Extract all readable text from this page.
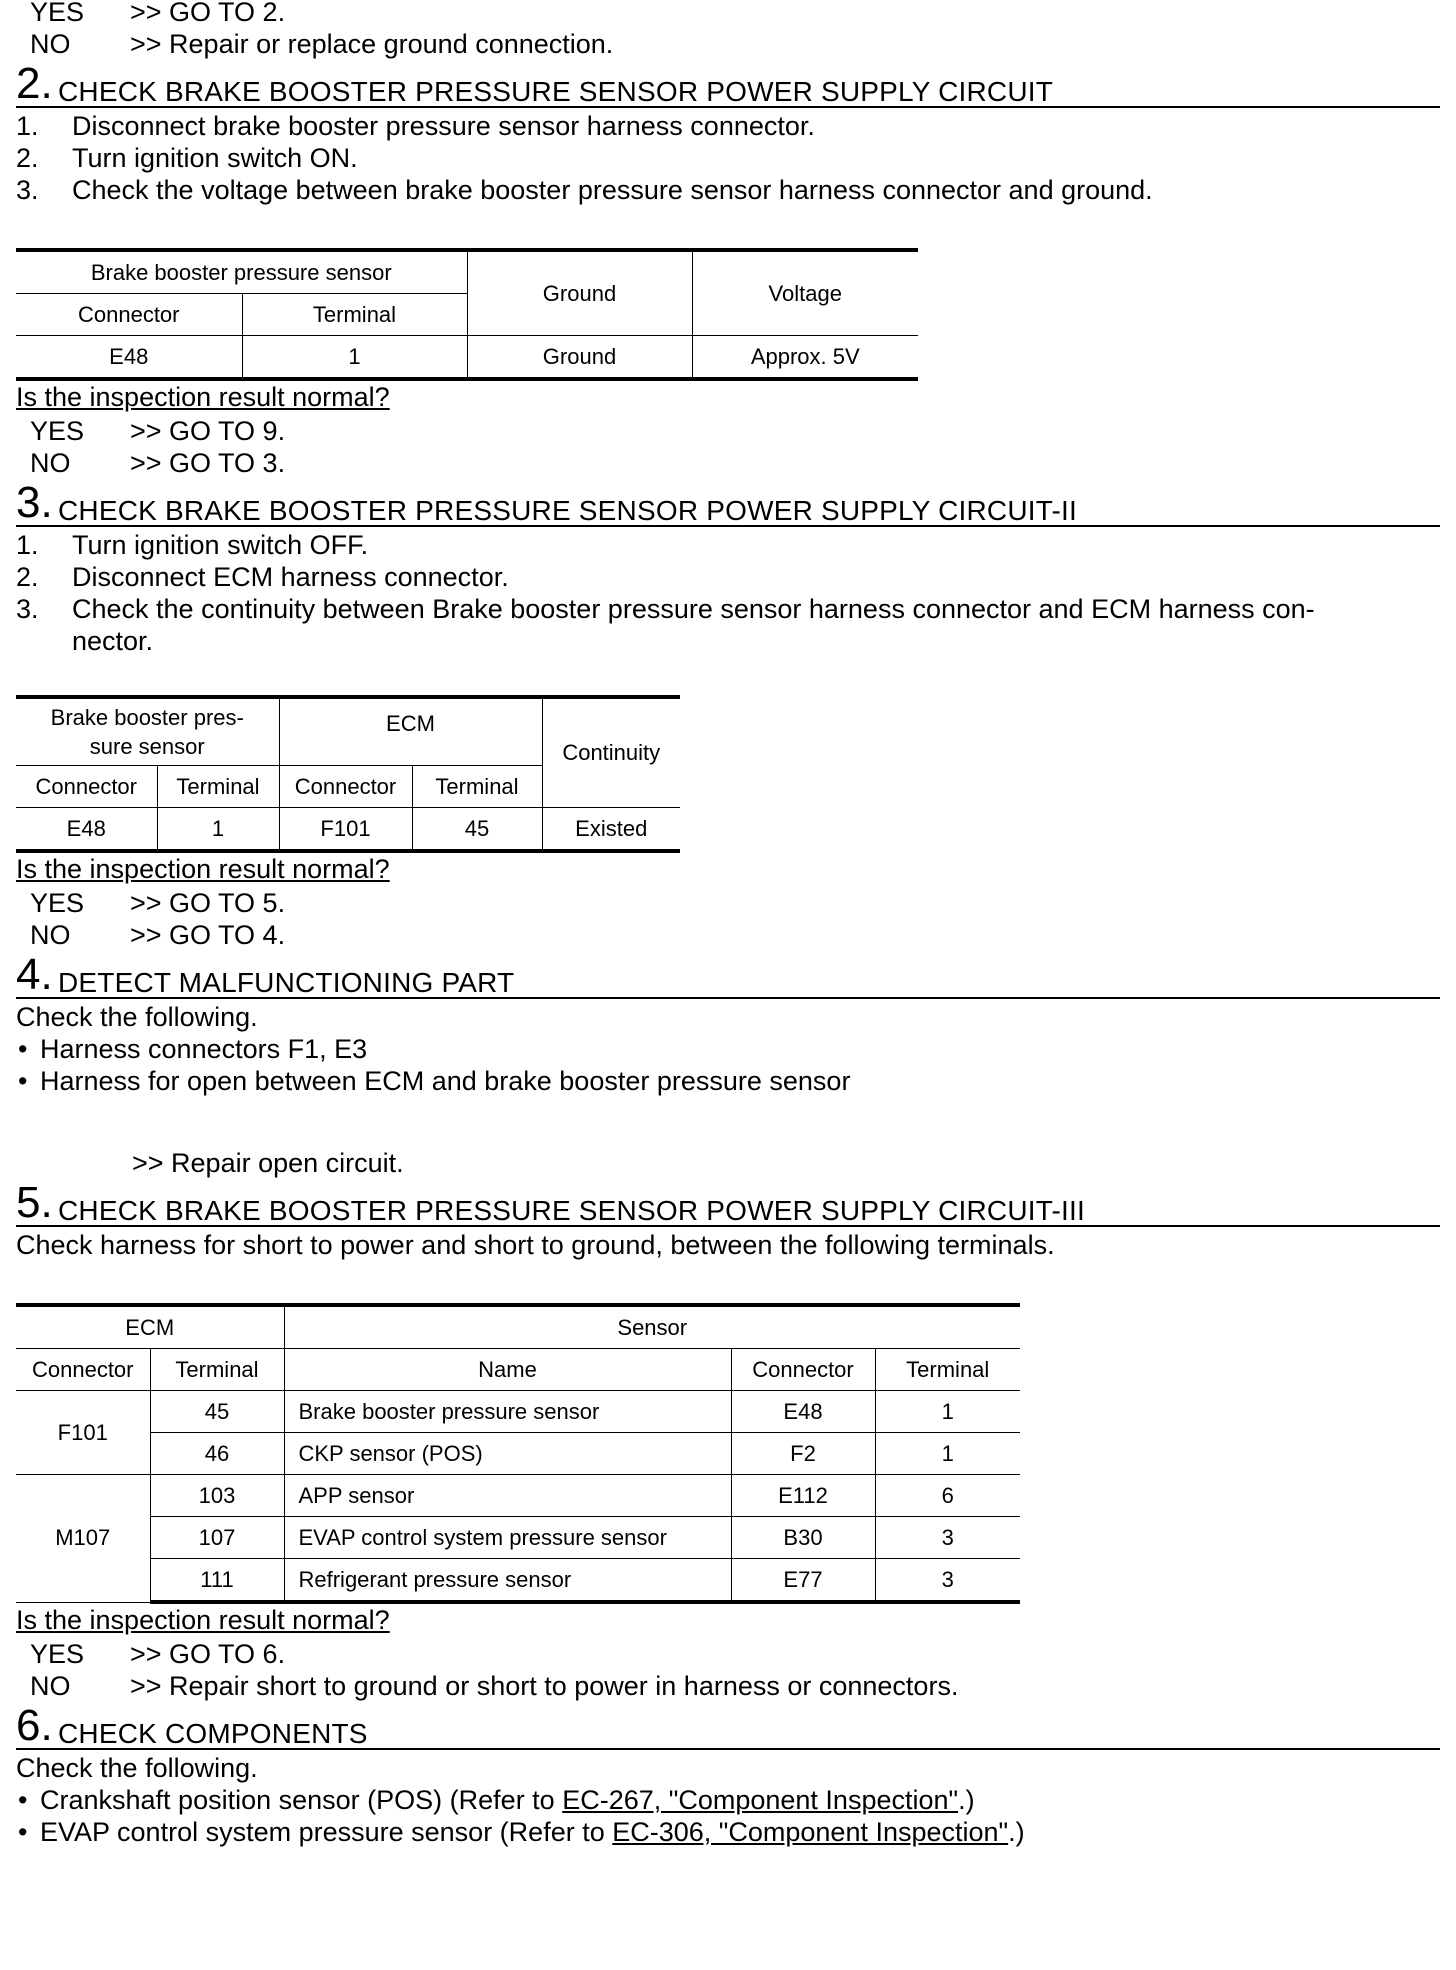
YES >> GO TO 2.
NO >> Repair or replace ground connection.
2. CHECK BRAKE BOOSTER PRESSURE SENSOR POWER SUPPLY CIRCUIT
1. Disconnect brake booster pressure sensor harness connector.
2. Turn ignition switch ON.
3. Check the voltage between brake booster pressure sensor harness connector and ground.
Brake booster pressure sensor		Ground	Voltage
Connector	Terminal		
E48	1	Ground	Approx. 5V
Is the inspection result normal?
YES >> GO TO 9.
NO >> GO TO 3.
3. CHECK BRAKE BOOSTER PRESSURE SENSOR POWER SUPPLY CIRCUIT-II
1. Turn ignition switch OFF.
2. Disconnect ECM harness connector.
3. Check the continuity between Brake booster pressure sensor harness connector and ECM harness con-
nector.
Brake booster pres-
sure sensor		ECM		Continuity
Connector	Terminal	Connector	Terminal	
E48	1	F101	45	Existed
Is the inspection result normal?
YES >> GO TO 5.
NO >> GO TO 4.
4. DETECT MALFUNCTIONING PART
Check the following.
• Harness connectors F1, E3
• Harness for open between ECM and brake booster pressure sensor
>> Repair open circuit.
5. CHECK BRAKE BOOSTER PRESSURE SENSOR POWER SUPPLY CIRCUIT-III
Check harness for short to power and short to ground, between the following terminals.
ECM		Sensor		
Connector	Terminal	Name	Connector	Terminal
F101	45	Brake booster pressure sensor	E48	1
	46	CKP sensor (POS)	F2	1
M107	103	APP sensor	E112	6
	107	EVAP control system pressure sensor	B30	3
	111	Refrigerant pressure sensor	E77	3
Is the inspection result normal?
YES >> GO TO 6.
NO >> Repair short to ground or short to power in harness or connectors.
6. CHECK COMPONENTS
Check the following.
• Crankshaft position sensor (POS) (Refer to EC-267, "Component Inspection".)
• EVAP control system pressure sensor (Refer to EC-306, "Component Inspection".)
